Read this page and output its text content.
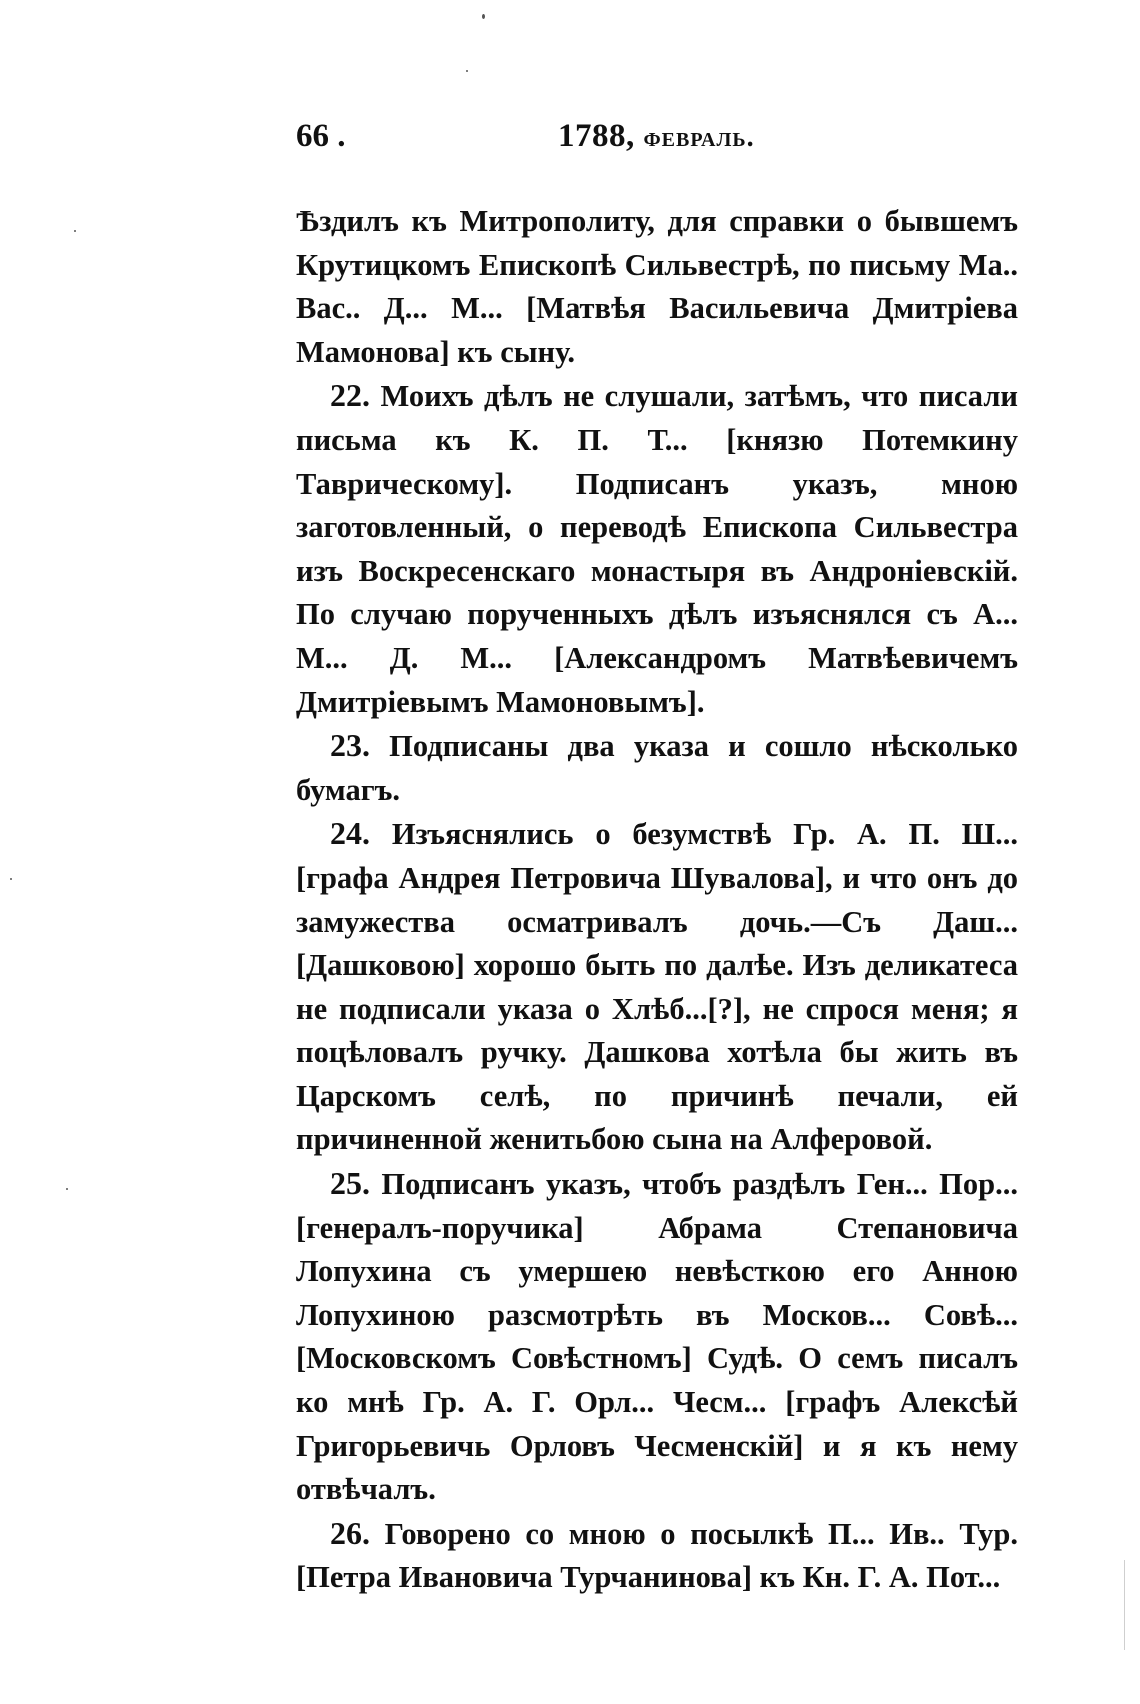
66 .	1788, февраль.

Ѣздилъ къ Митрополиту, для справки о бывшемъ Крутицкомъ Епископѣ Сильвестрѣ, по письму Ма.. Вас.. Д... М... [Матвѣя Васильевича Дмитріева Мамонова] къ сыну.

22. Моихъ дѣлъ не слушали, затѣмъ, что писали письма къ К. П. Т... [князю Потемкину Таврическому]. Подписанъ указъ, мною заготовленный, о переводѣ Епископа Сильвестра изъ Воскресенскаго монастыря въ Андроніевскій. По случаю порученныхъ дѣлъ изъяснялся съ А... М... Д. М... [Александромъ Матвѣевичемъ Дмитріевымъ Мамоновымъ].

23. Подписаны два указа и сошло нѣсколько бумагъ.

24. Изъяснялись о безумствѣ Гр. А. П. Ш... [графа Андрея Петровича Шувалова], и что онъ до замужества осматривалъ дочь.—Съ Даш... [Дашковою] хорошо быть по далѣе. Изъ деликатеса не подписали указа о Хлѣб...[?], не спрося меня; я поцѣловалъ ручку. Дашкова хотѣла бы жить въ Царскомъ селѣ, по причинѣ печали, ей причиненной женитьбою сына на Алферовой.

25. Подписанъ указъ, чтобъ раздѣлъ Ген... Пор... [генералъ-поручика] Абрама Степановича Лопухина съ умершею невѣсткою его Анною Лопухиною разсмотрѣть въ Москов... Совѣ... [Московскомъ Совѣстномъ] Судѣ. О семъ писалъ ко мнѣ Гр. А. Г. Орл... Чесм... [графъ Алексѣй Григорьевичь Орловъ Чесменскій] и я къ нему отвѣчалъ.

26. Говорено со мною о посылкѣ П... Ив.. Тур. [Петра Ивановича Турчанинова] къ Кн. Г. А. Пот...
